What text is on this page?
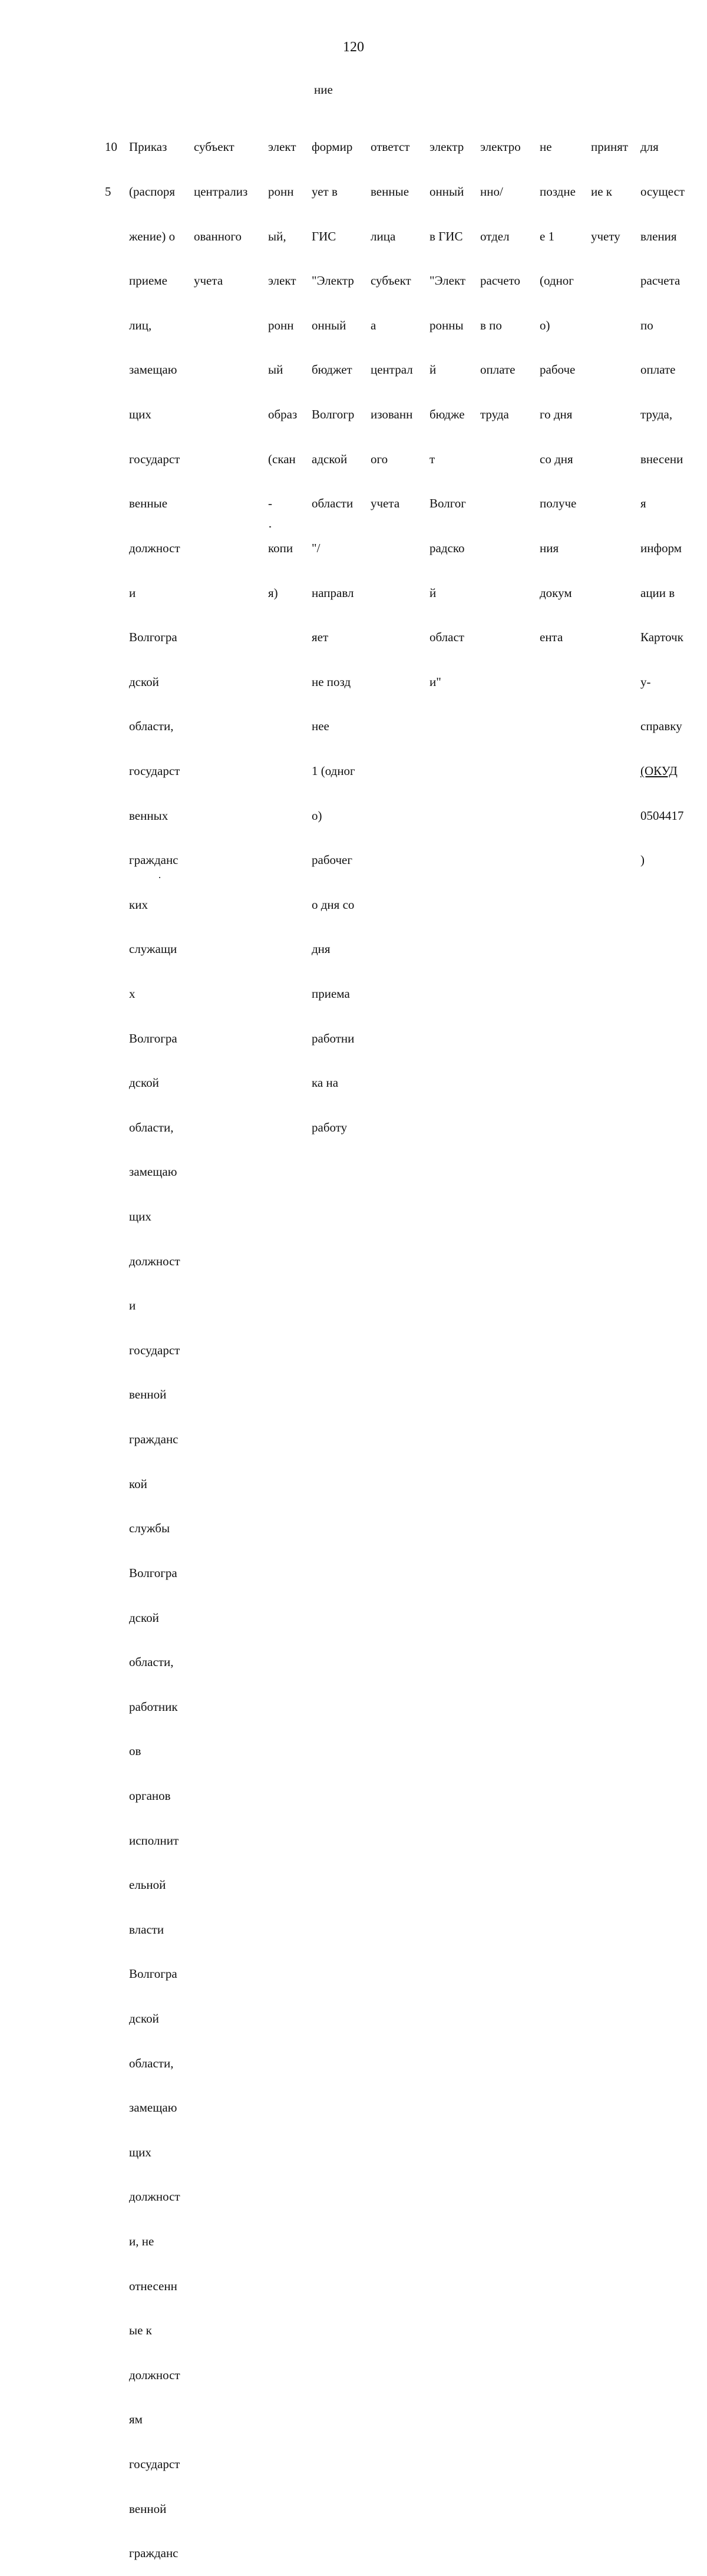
120
ние

10

5

Приказ

(распоря

жение) о

приеме

лиц,

замещаю

щих

государст

венные

должност

и

Волгогра

дской

области,

государст

венных

гражданс

ких

служащи

х

Волгогра

дской

области,

замещаю

щих

должност

и

государст

венной

гражданс

кой

службы

Волгогра

дской

области,

работник

ов

органов

исполнит

ельной

власти

Волгогра

дской

области,

замещаю

щих

должност

и, не

отнесенн

ые к

должност

ям

государст

венной

гражданс

субъект

централиз

ованного

учета

элект

ронн

ый,

элект

ронн

ый

образ

(скан

-

копи

я)

формир

ует в

ГИС

"Электр

онный

бюджет

Волгогр

адской

области

"/

направл

яет

не позд

нее

1 (одног

о)

рабочег

о дня со

дня

приема

работни

ка на

работу

ответст

венные

лица

субъект

а

централ

изованн

ого

учета

электр

онный

в ГИС

"Элект

ронны

й

бюдже

т

Волгог

радско

й

област

и"

электро

нно/

отдел

расчето

в по

оплате

труда

не

поздне

е 1

(одног

о)

рабоче

го дня

со дня

получе

ния

докум

ента

принят

ие к

учету

для

осущест

вления

расчета

по

оплате

труда,

внесени

я

информ

ации в

Карточк

у-

справку

(ОКУД

0504417

)
